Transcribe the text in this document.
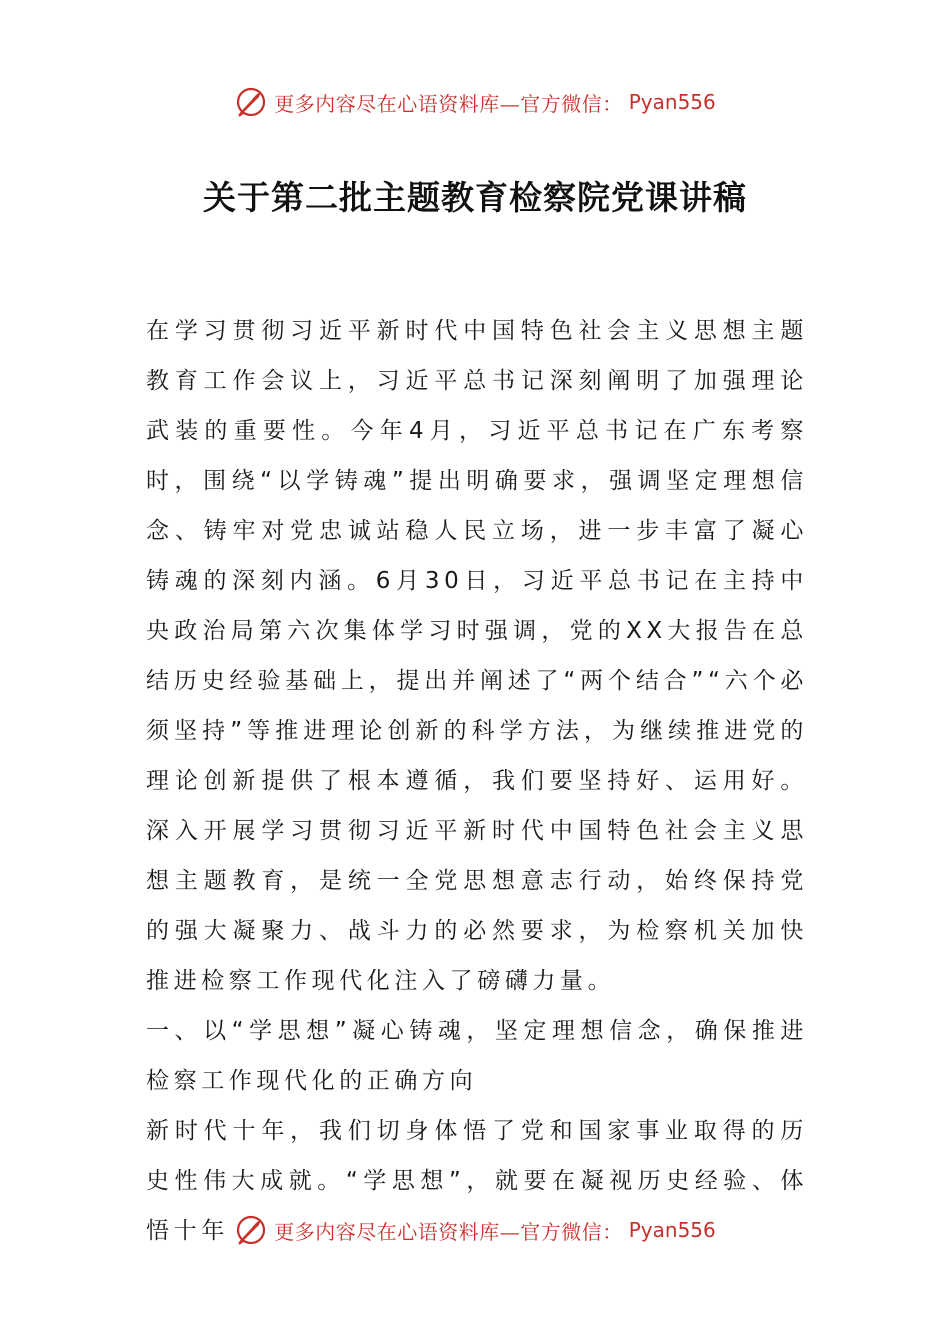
更多内容尽在心语资料库—官方微信： Pyan556
关于第二批主题教育检察院党课讲稿

在学习贯彻习近平新时代中国特色社会主义思想主题教育工作会议上，习近平总书记深刻阐明了加强理论武装的重要性。今年4月，习近平总书记在广东考察时，围绕“以学铸魂”提出明确要求，强调坚定理想信念、铸牢对党忠诚站稳人民立场，进一步丰富了凝心铸魂的深刻内涵。6月30日，习近平总书记在主持中央政治局第六次集体学习时强调，党的XX大报告在总结历史经验基础上，提出并阐述了“两个结合”“六个必须坚持”等推进理论创新的科学方法，为继续推进党的理论创新提供了根本遵循，我们要坚持好、运用好。深入开展学习贯彻习近平新时代中国特色社会主义思想主题教育，是统一全党思想意志行动，始终保持党的强大凝聚力、战斗力的必然要求，为检察机关加快推进检察工作现代化注入了磅礴力量。

一、以“学思想”凝心铸魂，坚定理想信念，确保推进检察工作现代化的正确方向

新时代十年，我们切身体悟了党和国家事业取得的历史性伟大成就。“学思想”，就要在凝视历史经验、体悟十年	更多内容尽在心语资料库—官方微信： Pyan556
